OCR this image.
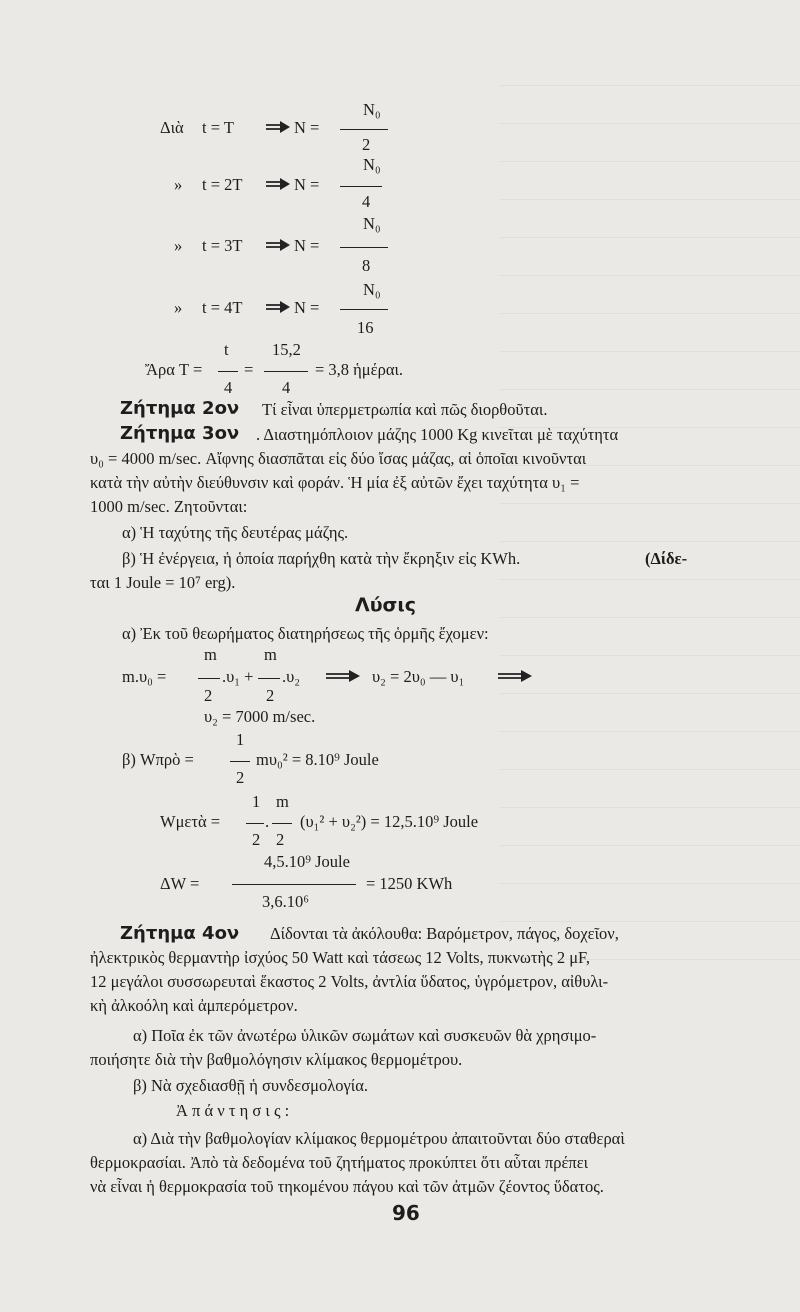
N₀
Διὰ t = T	N =
2
N₀
» t = 2T	N =
4
N₀
» t = 3T	N =
8
N₀
» t = 4T	N =
16
t	15,2
Ἄρα T =	=	= 3,8 ἡμέραι.
4	4
Ζήτημα 2ον Τί εἶναι ὑπερμετρωπία καὶ πῶς διορθοῦται.
Ζήτημα 3ον . Διαστημόπλοιον μάζης 1000 Kg κινεῖται μὲ ταχύτητα
υ₀ = 4000 m/sec. Αἴφνης διασπᾶται εἰς δύο ἴσας μάζας, αἱ ὁποῖαι κινοῦνται
κατὰ τὴν αὐτὴν διεύθυνσιν καὶ φοράν. Ἡ μία ἐξ αὐτῶν ἔχει ταχύτητα υ₁ =
1000 m/sec. Ζητοῦνται:
α) Ἡ ταχύτης τῆς δευτέρας μάζης.
β) Ἡ ἐνέργεια, ἡ ὁποία παρήχθη κατὰ τὴν ἔκρηξιν εἰς KWh.	(Δίδε-
ται 1 Joule = 10⁷ erg).
Λύσις
α) Ἐκ τοῦ θεωρήματος διατηρήσεως τῆς ὁρμῆς ἔχομεν:
m	m
m.υ₀ =	.υ₁ + .υ₂	υ₂ = 2υ₀ — υ₁
2	2
υ₂ = 7000 m/sec.
1
β) Wπρὸ =	mυ₀² = 8.10⁹ Joule
2
1 m
Wμετὰ =	. (υ₁² + υ₂²) = 12,5.10⁹ Joule
2 2
4,5.10⁹ Joule
ΔW =	= 1250 KWh
3,6.10⁶
Ζήτημα 4ον Δίδονται τὰ ἀκόλουθα: Βαρόμετρον, πάγος, δοχεῖον,
ἠλεκτρικὸς θερμαντὴρ ἰσχύος 50 Watt καὶ τάσεως 12 Volts, πυκνωτὴς 2 μF,
12 μεγάλοι συσσωρευταὶ ἕκαστος 2 Volts, ἀντλία ὕδατος, ὑγρόμετρον, αἰθυλι-
κὴ ἀλκοόλη καὶ ἀμπερόμετρον.
α) Ποῖα ἐκ τῶν ἀνωτέρω ὑλικῶν σωμάτων καὶ συσκευῶν θὰ χρησιμο-
ποιήσητε διὰ τὴν βαθμολόγησιν κλίμακος θερμομέτρου.
β) Νὰ σχεδιασθῇ ἡ συνδεσμολογία.
Ἀ π ά ν τ η σ ι ς :
α) Διὰ τὴν βαθμολογίαν κλίμακος θερμομέτρου ἀπαιτοῦνται δύο σταθεραὶ
θερμοκρασίαι. Ἀπὸ τὰ δεδομένα τοῦ ζητήματος προκύπτει ὅτι αὗται πρέπει
νὰ εἶναι ἡ θερμοκρασία τοῦ τηκομένου πάγου καὶ τῶν ἀτμῶν ζέοντος ὕδατος.
96
